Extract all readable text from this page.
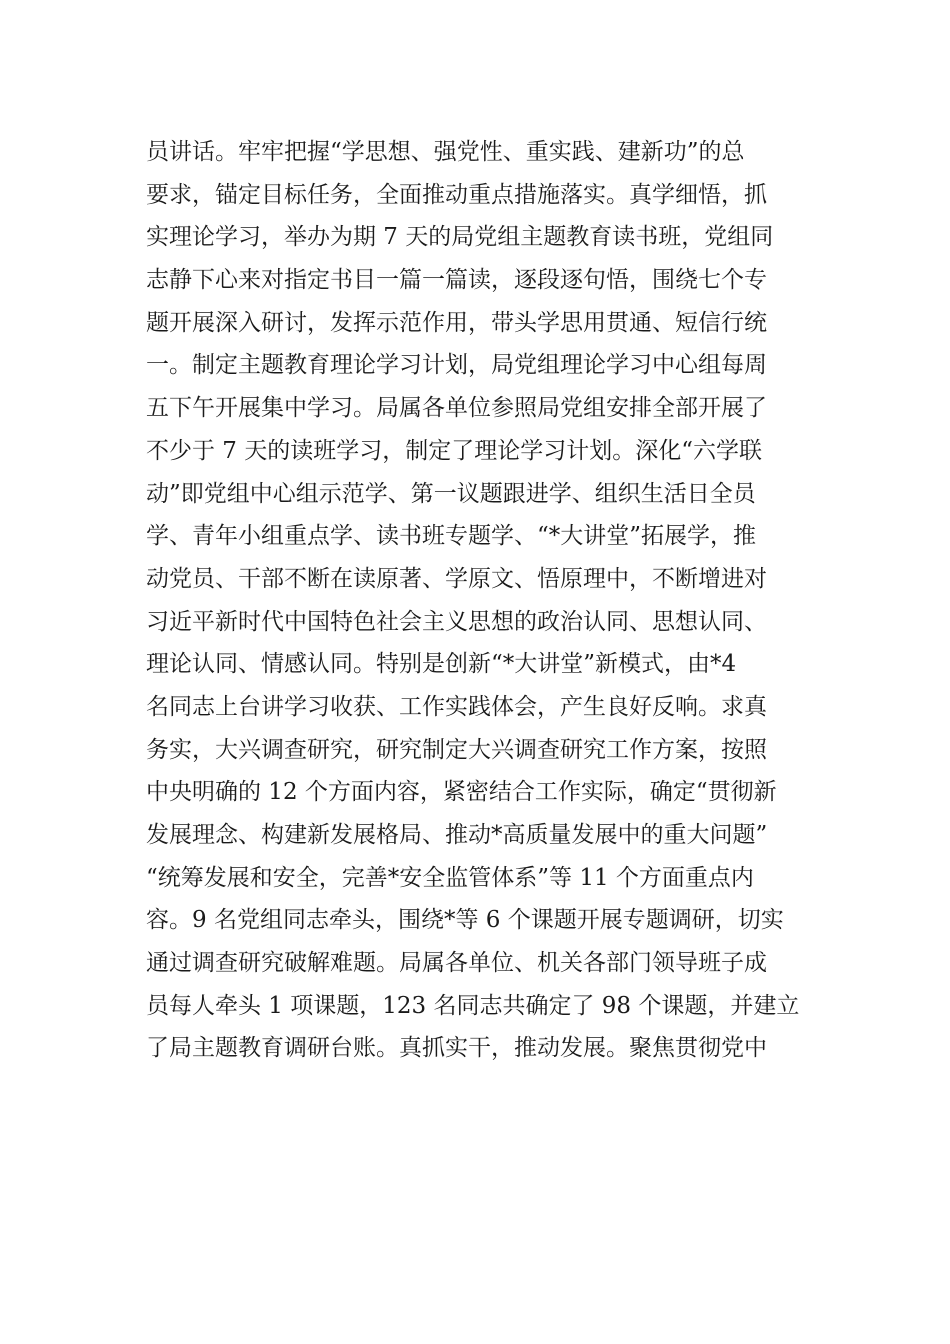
员讲话。牢牢把握“学思想、强党性、重实践、建新功”的总
要求，锚定目标任务，全面推动重点措施落实。真学细悟，抓
实理论学习，举办为期 7 天的局党组主题教育读书班，党组同
志静下心来对指定书目一篇一篇读，逐段逐句悟，围绕七个专
题开展深入研讨，发挥示范作用，带头学思用贯通、短信行统
一。制定主题教育理论学习计划，局党组理论学习中心组每周
五下午开展集中学习。局属各单位参照局党组安排全部开展了
不少于 7 天的读班学习，制定了理论学习计划。深化“六学联
动”即党组中心组示范学、第一议题跟进学、组织生活日全员
学、青年小组重点学、读书班专题学、“*大讲堂”拓展学，推
动党员、干部不断在读原著、学原文、悟原理中，不断增进对
习近平新时代中国特色社会主义思想的政治认同、思想认同、
理论认同、情感认同。特别是创新“*大讲堂”新模式，由*4
名同志上台讲学习收获、工作实践体会，产生良好反响。求真
务实，大兴调查研究，研究制定大兴调查研究工作方案，按照
中央明确的 12 个方面内容，紧密结合工作实际，确定“贯彻新
发展理念、构建新发展格局、推动*高质量发展中的重大问题”
“统筹发展和安全，完善*安全监管体系”等 11 个方面重点内
容。9 名党组同志牵头，围绕*等 6 个课题开展专题调研，切实
通过调查研究破解难题。局属各单位、机关各部门领导班子成
员每人牵头 1 项课题，123 名同志共确定了 98 个课题，并建立
了局主题教育调研台账。真抓实干，推动发展。聚焦贯彻党中
